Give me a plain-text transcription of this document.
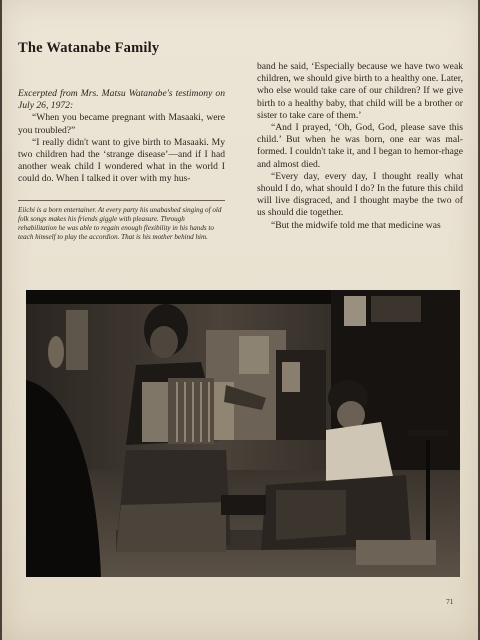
The Watanabe Family

Excerpted from Mrs. Matsu Watanabe's testimony on July 26, 1972:

“When you became pregnant with Masaaki, were you troubled?”

“I really didn't want to give birth to Masaaki. My two children had the ‘strange disease’—and if I had another weak child I wondered what in the world I could do. When I talked it over with my hus-

Eiichi is a born entertainer. At every party his unabashed singing of old folk songs makes his friends giggle with pleasure. Through rehabilitation he was able to regain enough flexibility in his hands to teach himself to play the accordion. That is his mother behind him.

band he said, ‘Especially because we have two weak children, we should give birth to a healthy one. Later, who else would take care of our children? If we give birth to a healthy baby, that child will be a brother or sister to take care of them.’

“And I prayed, ‘Oh, God, God, please save this child.’ But when he was born, one ear was mal-formed. I couldn't take it, and I began to hemor-rhage and almost died.

“Every day, every day, I thought really what should I do, what should I do? In the future this child will live disgraced, and I thought maybe the two of us should die together.

“But the midwife told me that medicine was

71
